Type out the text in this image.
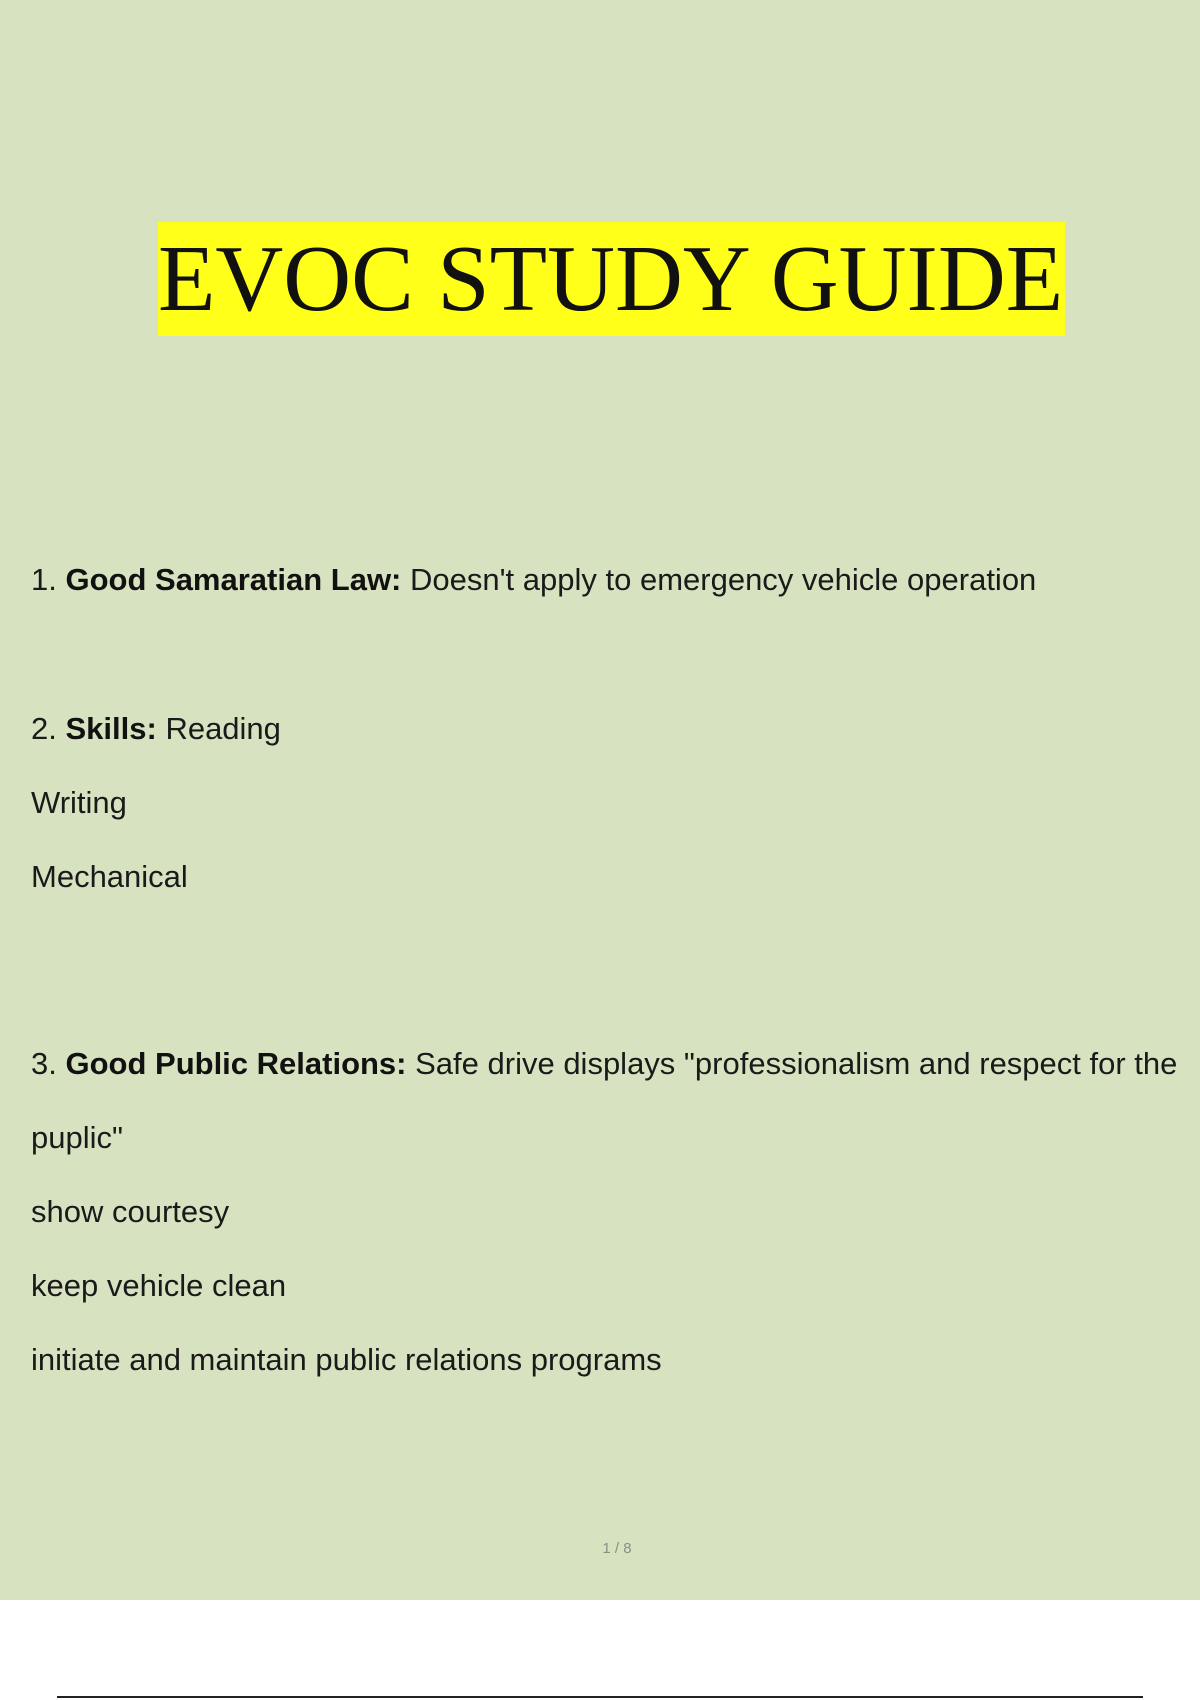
EVOC STUDY GUIDE
1. Good Samaratian Law: Doesn't apply to emergency vehicle operation
2. Skills: Reading
Writing
Mechanical
3. Good Public Relations: Safe drive displays "professionalism and respect for the
puplic"
show courtesy
keep vehicle clean
initiate and maintain public relations programs
1 / 8
